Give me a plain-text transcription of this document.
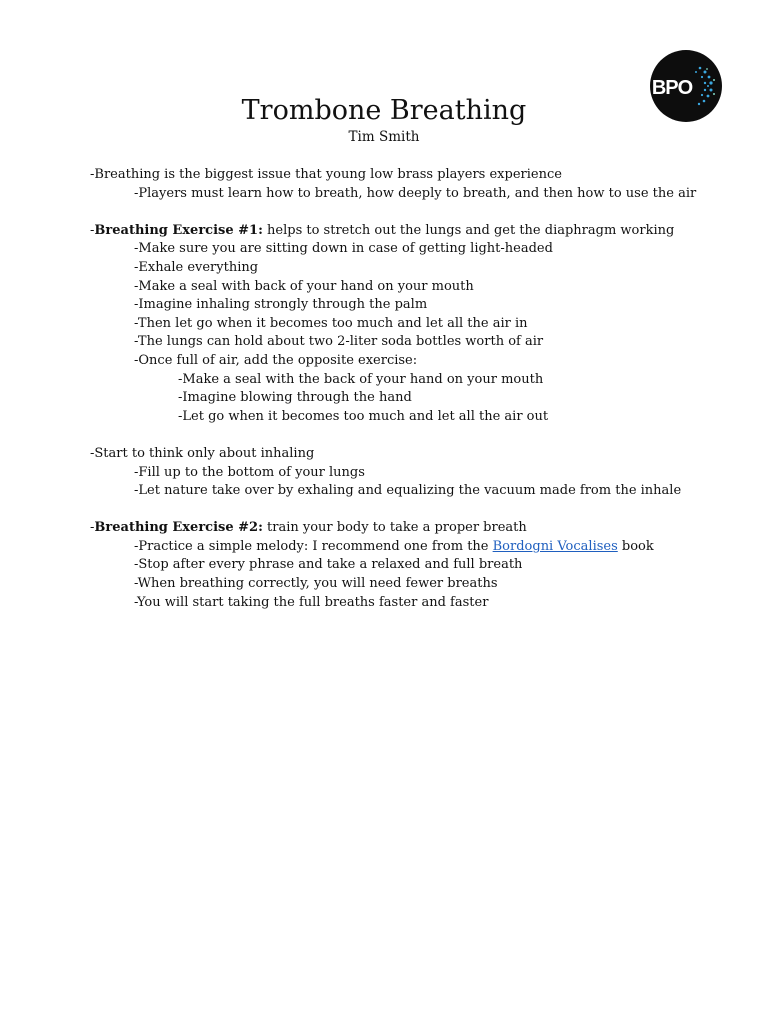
BPO
Trombone Breathing
Tim Smith
-Breathing is the biggest issue that young low brass players experience
-Players must learn how to breath, how deeply to breath, and then how to use the air
-Breathing Exercise #1: helps to stretch out the lungs and get the diaphragm working
-Make sure you are sitting down in case of getting light-headed
-Exhale everything
-Make a seal with back of your hand on your mouth
-Imagine inhaling strongly through the palm
-Then let go when it becomes too much and let all the air in
-The lungs can hold about two 2-liter soda bottles worth of air
-Once full of air, add the opposite exercise:
-Make a seal with the back of your hand on your mouth
-Imagine blowing through the hand
-Let go when it becomes too much and let all the air out
-Start to think only about inhaling
-Fill up to the bottom of your lungs
-Let nature take over by exhaling and equalizing the vacuum made from the inhale
-Breathing Exercise #2: train your body to take a proper breath
-Practice a simple melody: I recommend one from the Bordogni Vocalises book
-Stop after every phrase and take a relaxed and full breath
-When breathing correctly, you will need fewer breaths
-You will start taking the full breaths faster and faster
